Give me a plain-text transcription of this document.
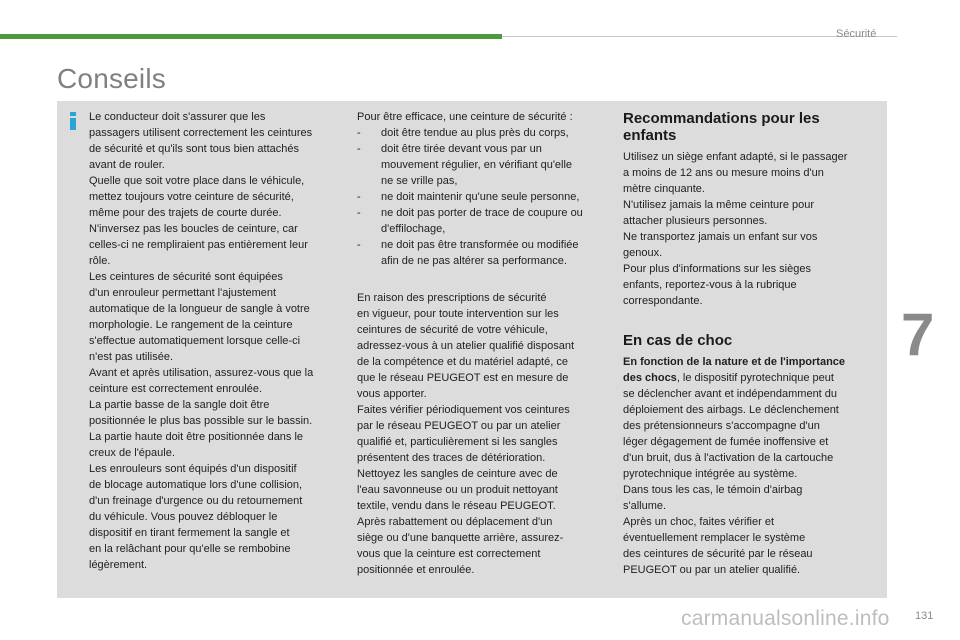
Sécurité
Conseils
Le conducteur doit s'assurer que les
passagers utilisent correctement les ceintures
de sécurité et qu'ils sont tous bien attachés
avant de rouler.
Quelle que soit votre place dans le véhicule,
mettez toujours votre ceinture de sécurité,
même pour des trajets de courte durée.
N'inversez pas les boucles de ceinture, car
celles-ci ne rempliraient pas entièrement leur
rôle.
Les ceintures de sécurité sont équipées
d'un enrouleur permettant l'ajustement
automatique de la longueur de sangle à votre
morphologie. Le rangement de la ceinture
s'effectue automatiquement lorsque celle-ci
n'est pas utilisée.
Avant et après utilisation, assurez-vous que la
ceinture est correctement enroulée.
La partie basse de la sangle doit être
positionnée le plus bas possible sur le bassin.
La partie haute doit être positionnée dans le
creux de l'épaule.
Les enrouleurs sont équipés d'un dispositif
de blocage automatique lors d'une collision,
d'un freinage d'urgence ou du retournement
du véhicule. Vous pouvez débloquer le
dispositif en tirant fermement la sangle et
en la relâchant pour qu'elle se rembobine
légèrement.
Pour être efficace, une ceinture de sécurité :
-	doit être tendue au plus près du corps,
-	doit être tirée devant vous par un
mouvement régulier, en vérifiant qu'elle
ne se vrille pas,
-	ne doit maintenir qu'une seule personne,
-	ne doit pas porter de trace de coupure ou
d'effilochage,
-	ne doit pas être transformée ou modifiée
afin de ne pas altérer sa performance.
En raison des prescriptions de sécurité
en vigueur, pour toute intervention sur les
ceintures de sécurité de votre véhicule,
adressez-vous à un atelier qualifié disposant
de la compétence et du matériel adapté, ce
que le réseau PEUGEOT est en mesure de
vous apporter.
Faites vérifier périodiquement vos ceintures
par le réseau PEUGEOT ou par un atelier
qualifié et, particulièrement si les sangles
présentent des traces de détérioration.
Nettoyez les sangles de ceinture avec de
l'eau savonneuse ou un produit nettoyant
textile, vendu dans le réseau PEUGEOT.
Après rabattement ou déplacement d'un
siège ou d'une banquette arrière, assurez-
vous que la ceinture est correctement
positionnée et enroulée.
Recommandations pour les
enfants
Utilisez un siège enfant adapté, si le passager
a moins de 12 ans ou mesure moins d'un
mètre cinquante.
N'utilisez jamais la même ceinture pour
attacher plusieurs personnes.
Ne transportez jamais un enfant sur vos
genoux.
Pour plus d'informations sur les sièges
enfants, reportez-vous à la rubrique
correspondante.
En cas de choc
En fonction de la nature et de l'importance
des chocs, le dispositif pyrotechnique peut
se déclencher avant et indépendamment du
déploiement des airbags. Le déclenchement
des prétensionneurs s'accompagne d'un
léger dégagement de fumée inoffensive et
d'un bruit, dus à l'activation de la cartouche
pyrotechnique intégrée au système.
Dans tous les cas, le témoin d'airbag
s'allume.
Après un choc, faites vérifier et
éventuellement remplacer le système
des ceintures de sécurité par le réseau
PEUGEOT ou par un atelier qualifié.
7
carmanualsonline.info 131
